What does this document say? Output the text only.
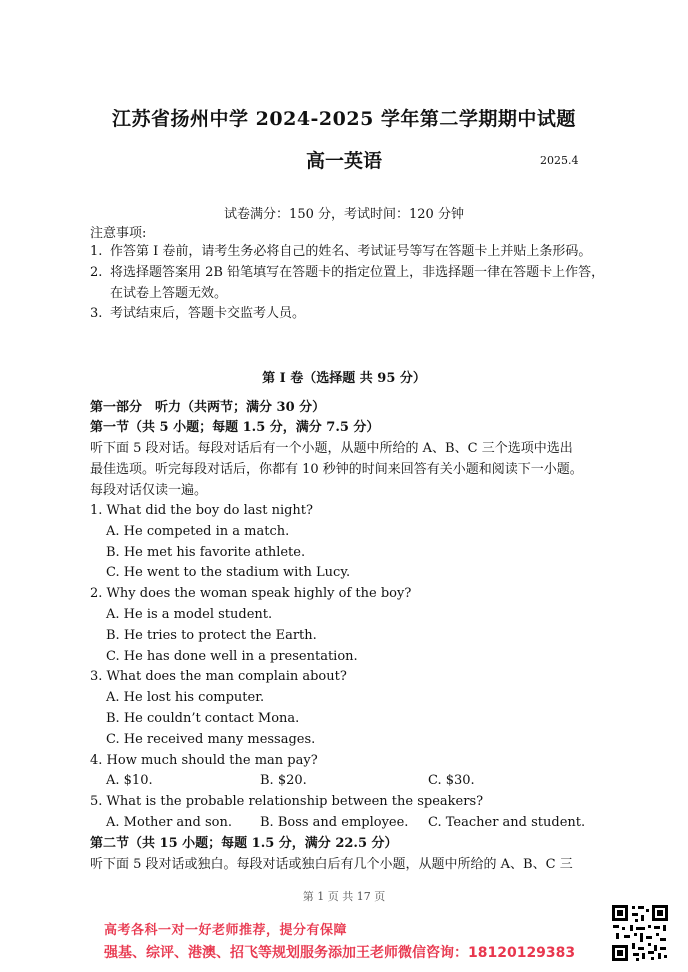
江苏省扬州中学 2024-2025 学年第二学期期中试题
高一英语	2025.4
试卷满分：150 分，考试时间：120 分钟
注意事项:
1. 作答第 I 卷前，请考生务必将自己的姓名、考试证号等写在答题卡上并贴上条形码。
2. 将选择题答案用 2B 铅笔填写在答题卡的指定位置上，非选择题一律在答题卡上作答，在试卷上答题无效。
3. 考试结束后，答题卡交监考人员。
第 I 卷（选择题 共 95 分）
第一部分　听力（共两节；满分 30 分）
第一节（共 5 小题；每题 1.5 分，满分 7.5 分）
听下面 5 段对话。每段对话后有一个小题，从题中所给的 A、B、C 三个选项中选出
最佳选项。听完每段对话后，你都有 10 秒钟的时间来回答有关小题和阅读下一小题。
每段对话仅读一遍。
1. What did the boy do last night?
A. He competed in a match.
B. He met his favorite athlete.
C. He went to the stadium with Lucy.
2. Why does the woman speak highly of the boy?
A. He is a model student.
B. He tries to protect the Earth.
C. He has done well in a presentation.
3. What does the man complain about?
A. He lost his computer.
B. He couldn’t contact Mona.
C. He received many messages.
4. How much should the man pay?
A. $10.	B. $20.	C. $30.
5. What is the probable relationship between the speakers?
A. Mother and son.	B. Boss and employee.	C. Teacher and student.
第二节（共 15 小题；每题 1.5 分，满分 22.5 分）
听下面 5 段对话或独白。每段对话或独白后有几个小题，从题中所给的 A、B、C 三
第 1 页 共 17 页
高考各科一对一好老师推荐，提分有保障
强基、综评、港澳、招飞等规划服务添加王老师微信咨询：18120129383
